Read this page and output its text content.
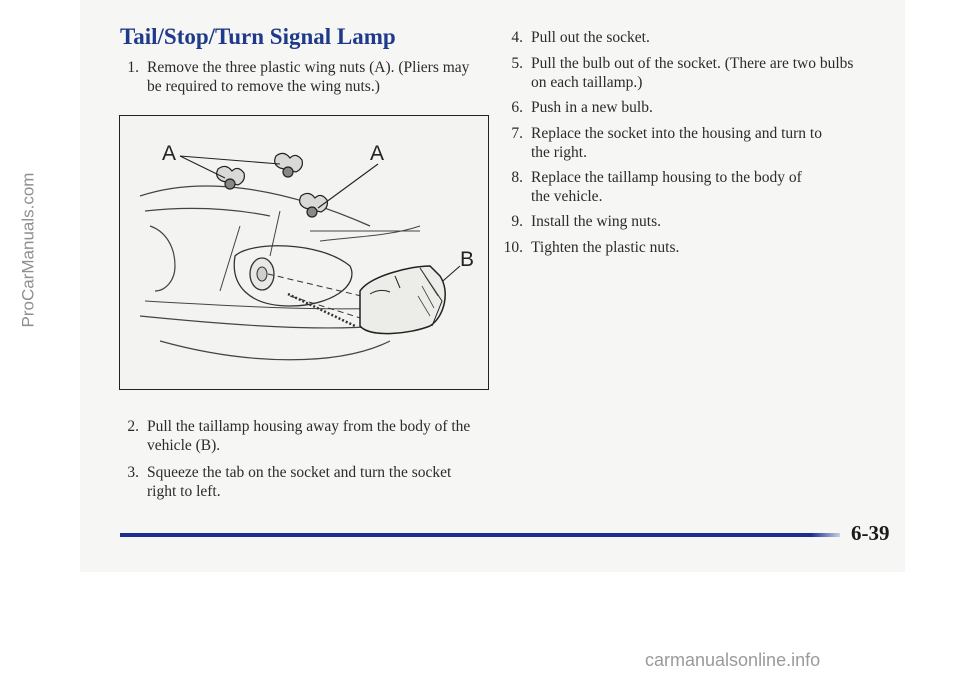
Tail/Stop/Turn Signal Lamp
1. Remove the three plastic wing nuts (A). (Pliers may
be required to remove the wing nuts.)
A	A
B
2. Pull the taillamp housing away from the body of the
vehicle (B).
3. Squeeze the tab on the socket and turn the socket
right to left.
4. Pull out the socket.
5. Pull the bulb out of the socket. (There are two bulbs
on each taillamp.)
6. Push in a new bulb.
7. Replace the socket into the housing and turn to
the right.
8. Replace the taillamp housing to the body of
the vehicle.
9. Install the wing nuts.
10. Tighten the plastic nuts.
6-39
ProCarManuals.com
carmanualsonline.info
